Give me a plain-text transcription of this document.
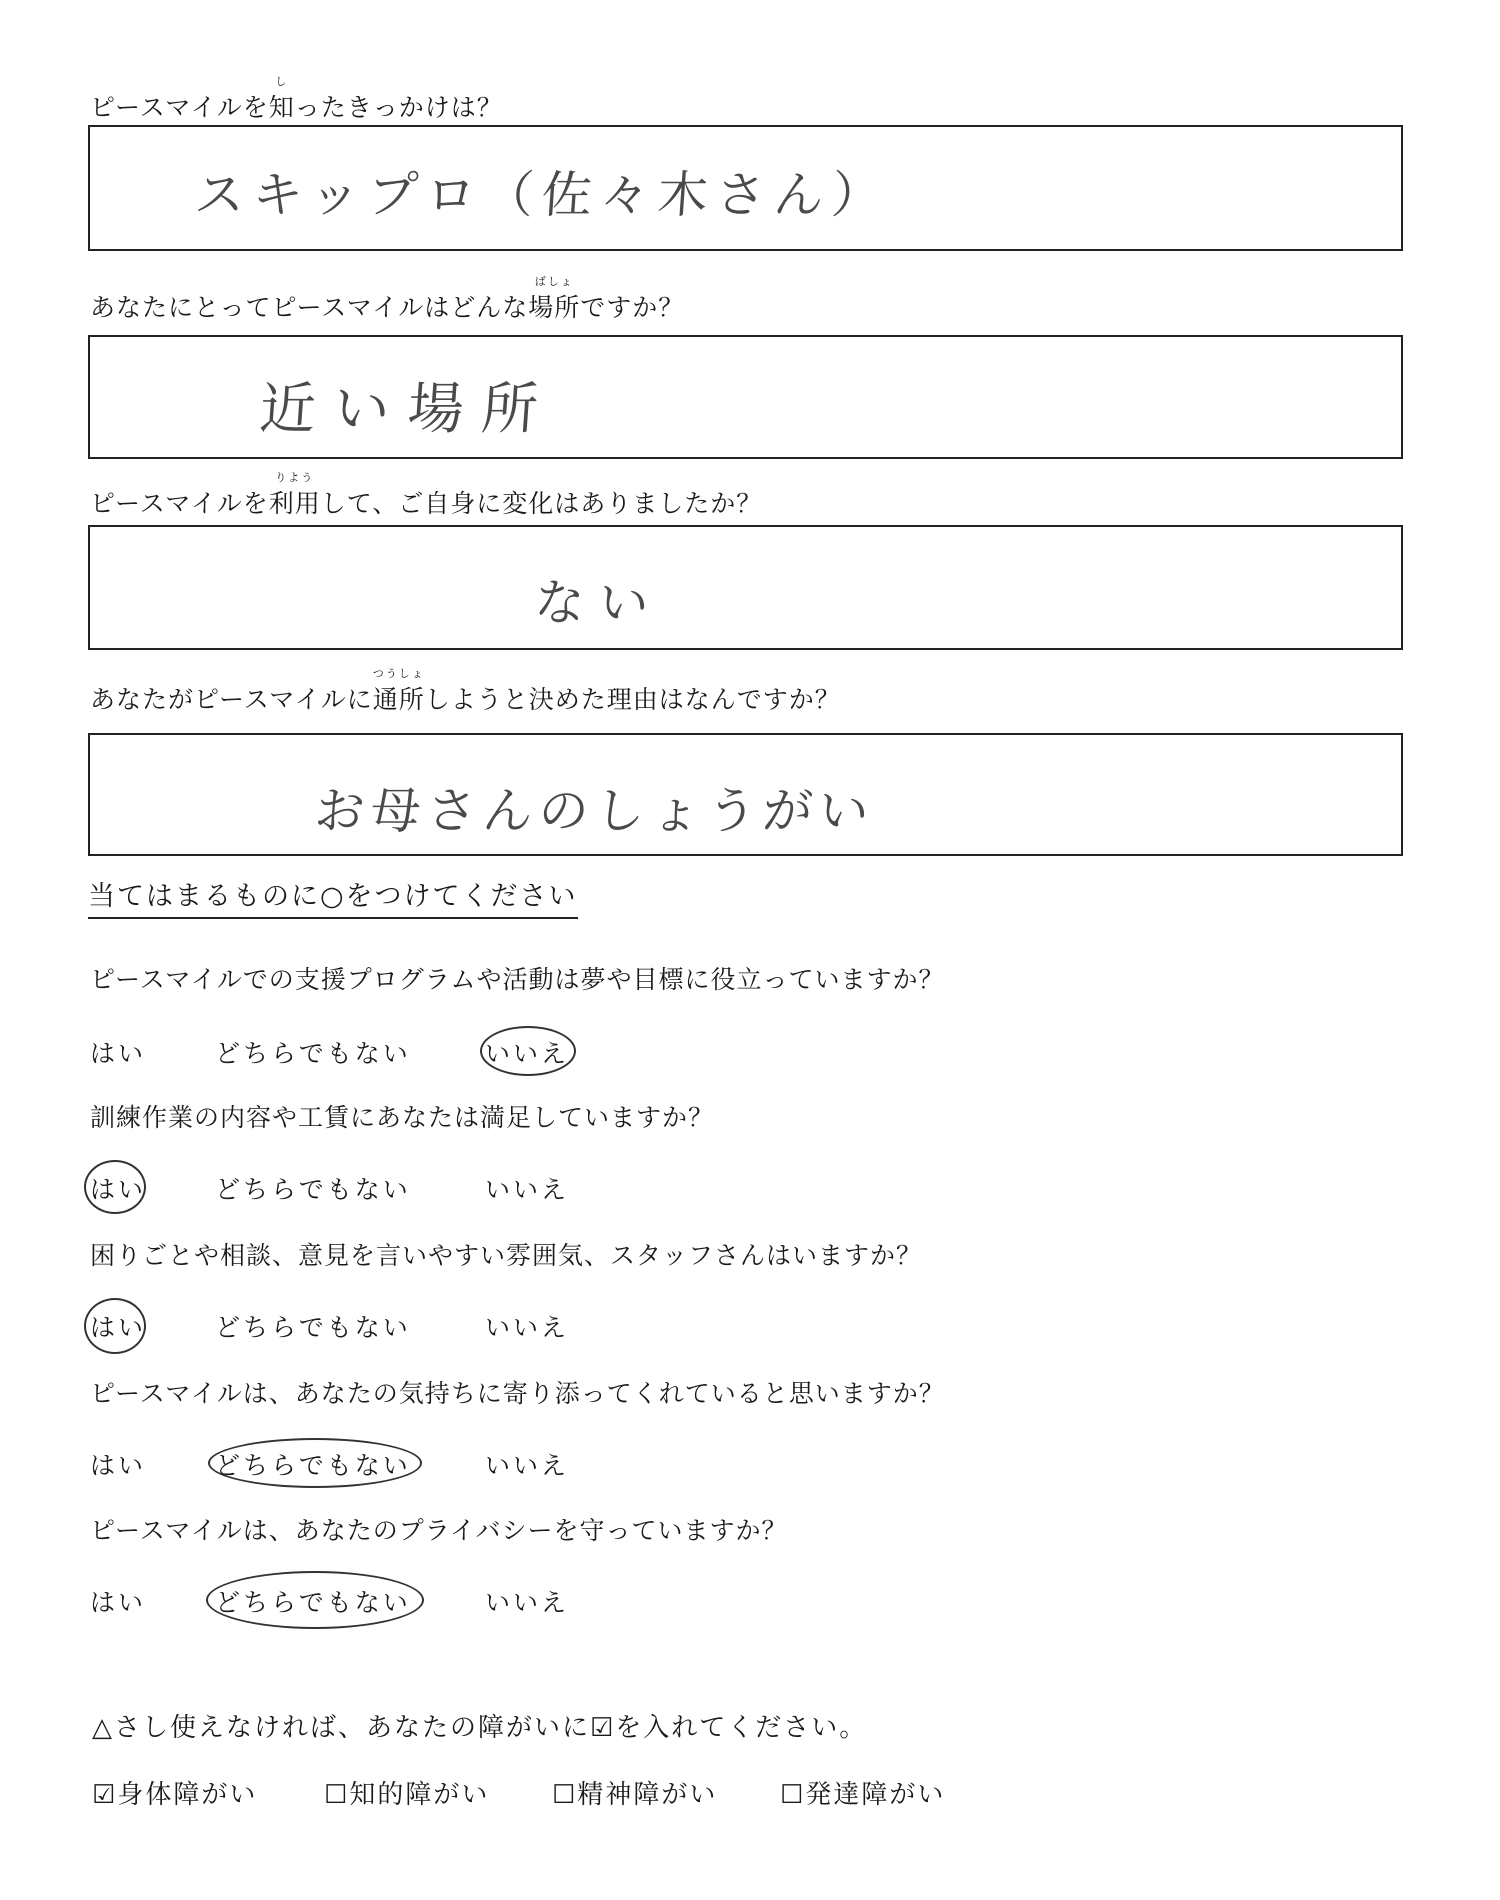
ピースマイルを
し
知ったきっかけは？
スキップロ（佐々木さん）
あなたにとってピースマイルはどんな
ばしょ
場所ですか？
近い場所
ピースマイルを
りよう
利用して、ご自身に変化はありましたか？
ない
あなたがピースマイルに
つうしょ
通所しようと決めた理由はなんですか？
お母さんのしょうがい
当てはまるものに○をつけてください
ピースマイルでの支援プログラムや活動は夢や目標に役立っていますか？
はい	どちらでもない	いいえ
訓練作業の内容や工賃にあなたは満足していますか？
はい	どちらでもない	いいえ
困りごとや相談、意見を言いやすい雰囲気、スタッフさんはいますか？
はい	どちらでもない	いいえ
ピースマイルは、あなたの気持ちに寄り添ってくれていると思いますか？
はい	どちらでもない	いいえ
ピースマイルは、あなたのプライバシーを守っていますか？
はい	どちらでもない	いいえ
△さし使えなければ、あなたの障がいに☑を入れてください。
☑身体障がい	☐知的障がい ☐精神障がい ☐発達障がい
